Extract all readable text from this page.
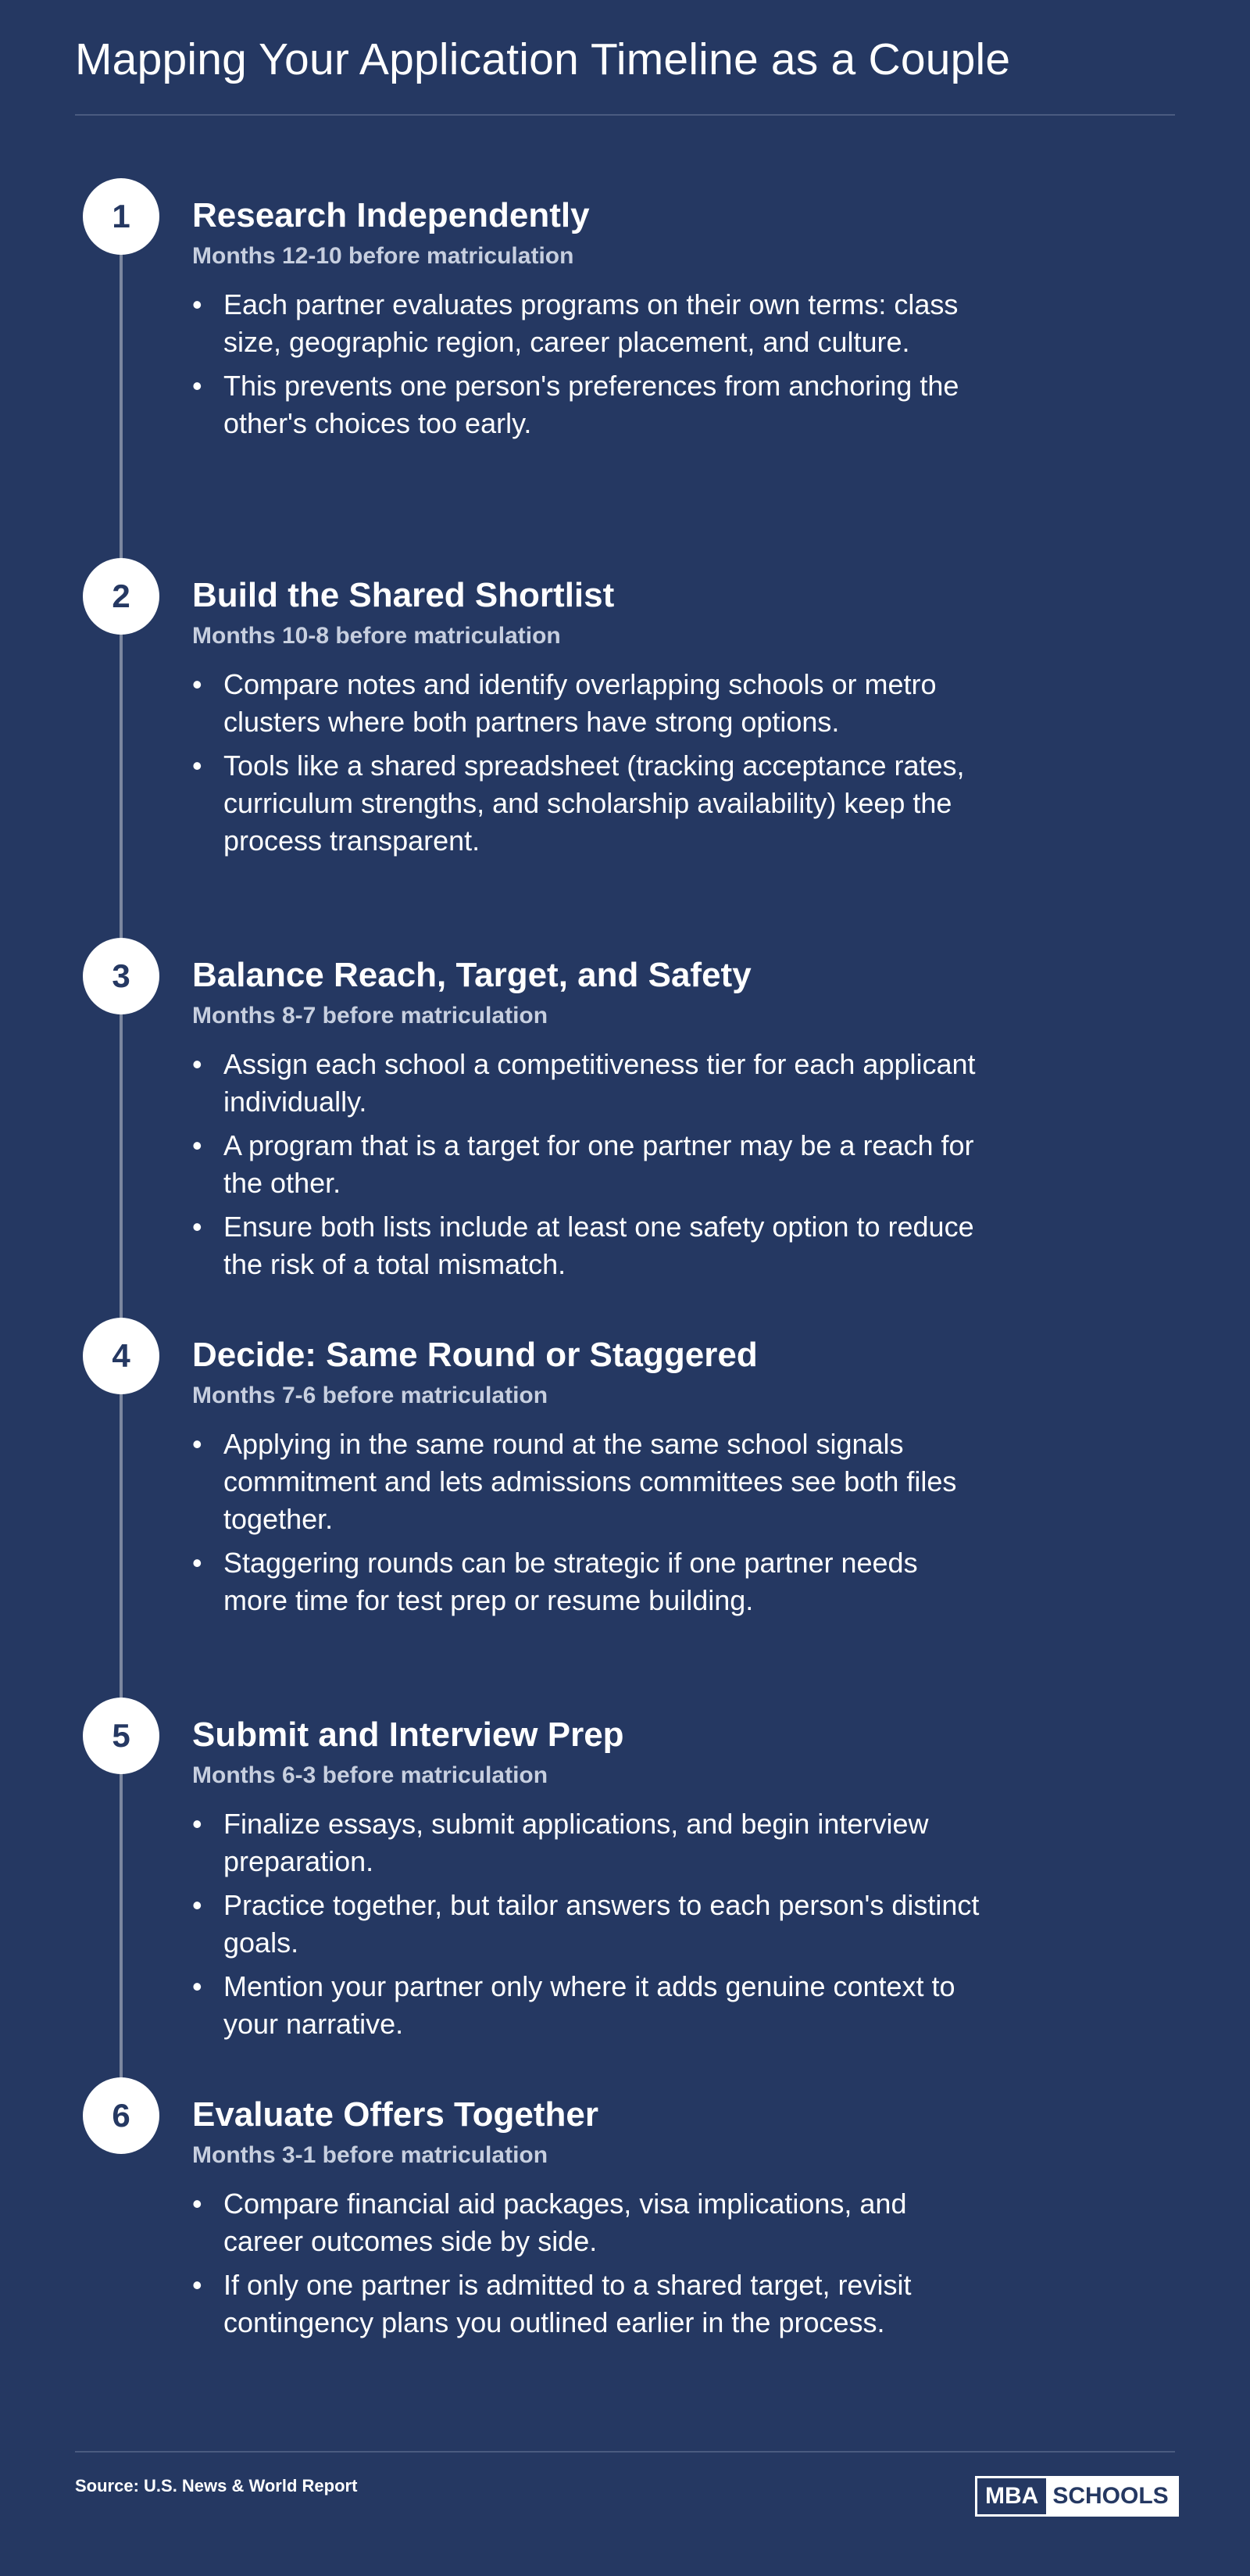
Mapping Your Application Timeline as a Couple
1	Research Independently
Months 12-10 before matriculation
• Each partner evaluates programs on their own terms: class size, geographic region, career placement, and culture.
• This prevents one person's preferences from anchoring the other's choices too early.
2	Build the Shared Shortlist
Months 10-8 before matriculation
• Compare notes and identify overlapping schools or metro clusters where both partners have strong options.
• Tools like a shared spreadsheet (tracking acceptance rates, curriculum strengths, and scholarship availability) keep the process transparent.
3	Balance Reach, Target, and Safety
Months 8-7 before matriculation
• Assign each school a competitiveness tier for each applicant individually.
• A program that is a target for one partner may be a reach for the other.
• Ensure both lists include at least one safety option to reduce the risk of a total mismatch.
4	Decide: Same Round or Staggered
Months 7-6 before matriculation
• Applying in the same round at the same school signals commitment and lets admissions committees see both files together.
• Staggering rounds can be strategic if one partner needs more time for test prep or resume building.
5	Submit and Interview Prep
Months 6-3 before matriculation
• Finalize essays, submit applications, and begin interview preparation.
• Practice together, but tailor answers to each person's distinct goals.
• Mention your partner only where it adds genuine context to your narrative.
6	Evaluate Offers Together
Months 3-1 before matriculation
• Compare financial aid packages, visa implications, and career outcomes side by side.
• If only one partner is admitted to a shared target, revisit contingency plans you outlined earlier in the process.
Source: U.S. News & World Report	MBA SCHOOLS
